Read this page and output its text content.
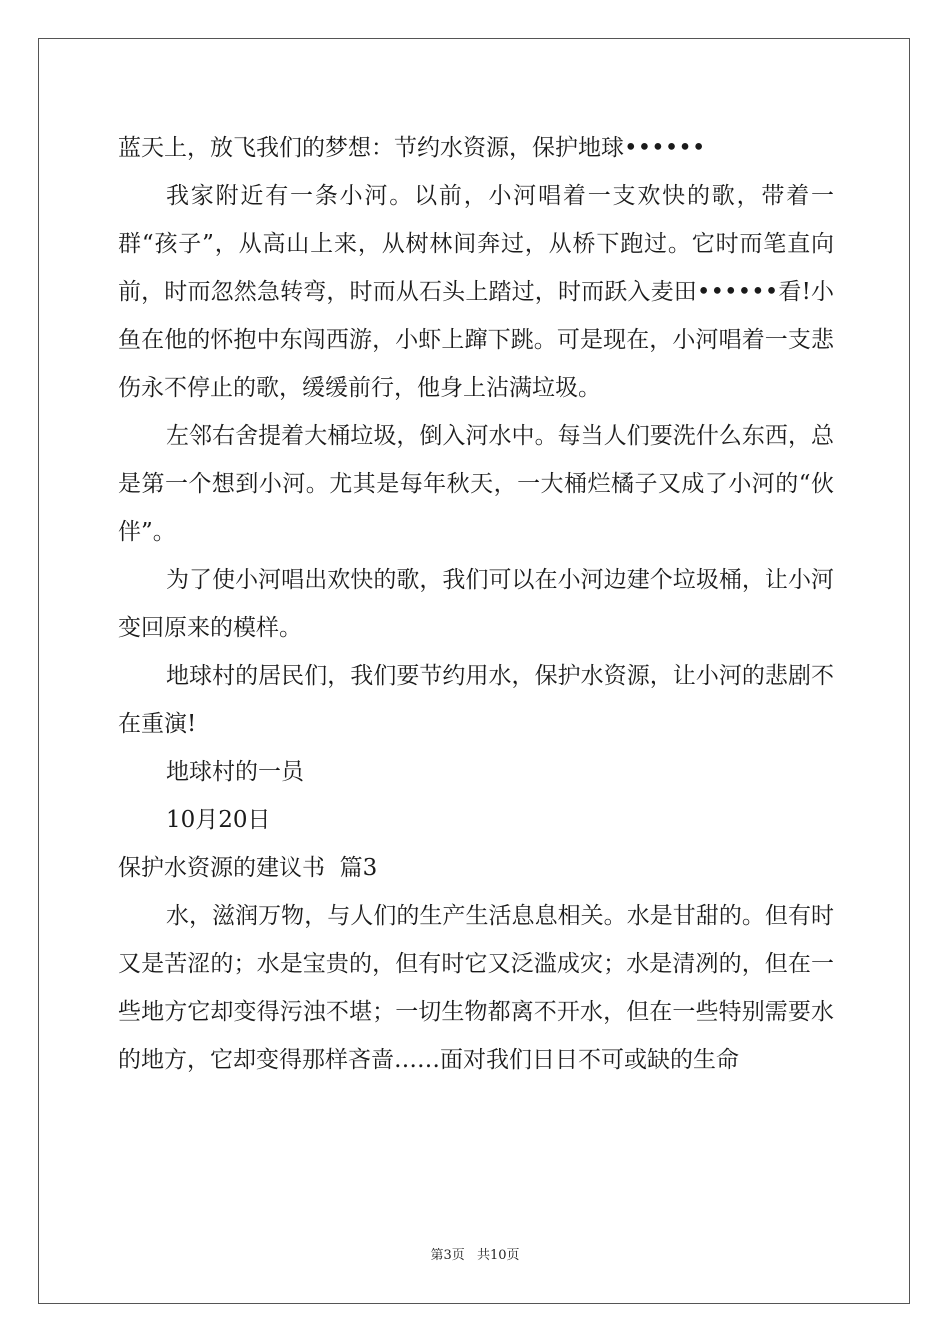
蓝天上，放飞我们的梦想：节约水资源，保护地球••••••

我家附近有一条小河。以前，小河唱着一支欢快的歌，带着一群“孩子”，从高山上来，从树林间奔过，从桥下跑过。它时而笔直向前，时而忽然急转弯，时而从石头上踏过，时而跃入麦田••••••看!小鱼在他的怀抱中东闯西游，小虾上蹿下跳。可是现在，小河唱着一支悲伤永不停止的歌，缓缓前行，他身上沾满垃圾。

左邻右舍提着大桶垃圾，倒入河水中。每当人们要洗什么东西，总是第一个想到小河。尤其是每年秋天，一大桶烂橘子又成了小河的“伙伴”。

为了使小河唱出欢快的歌，我们可以在小河边建个垃圾桶，让小河变回原来的模样。

地球村的居民们，我们要节约用水，保护水资源，让小河的悲剧不在重演!

地球村的一员

10月20日

保护水资源的建议书  篇3

水，滋润万物，与人们的生产生活息息相关。水是甘甜的。但有时又是苦涩的；水是宝贵的，但有时它又泛滥成灾；水是清冽的，但在一些地方它却变得污浊不堪；一切生物都离不开水，但在一些特别需要水的地方，它却变得那样吝啬……面对我们日日不可或缺的生命

第3页 共10页
